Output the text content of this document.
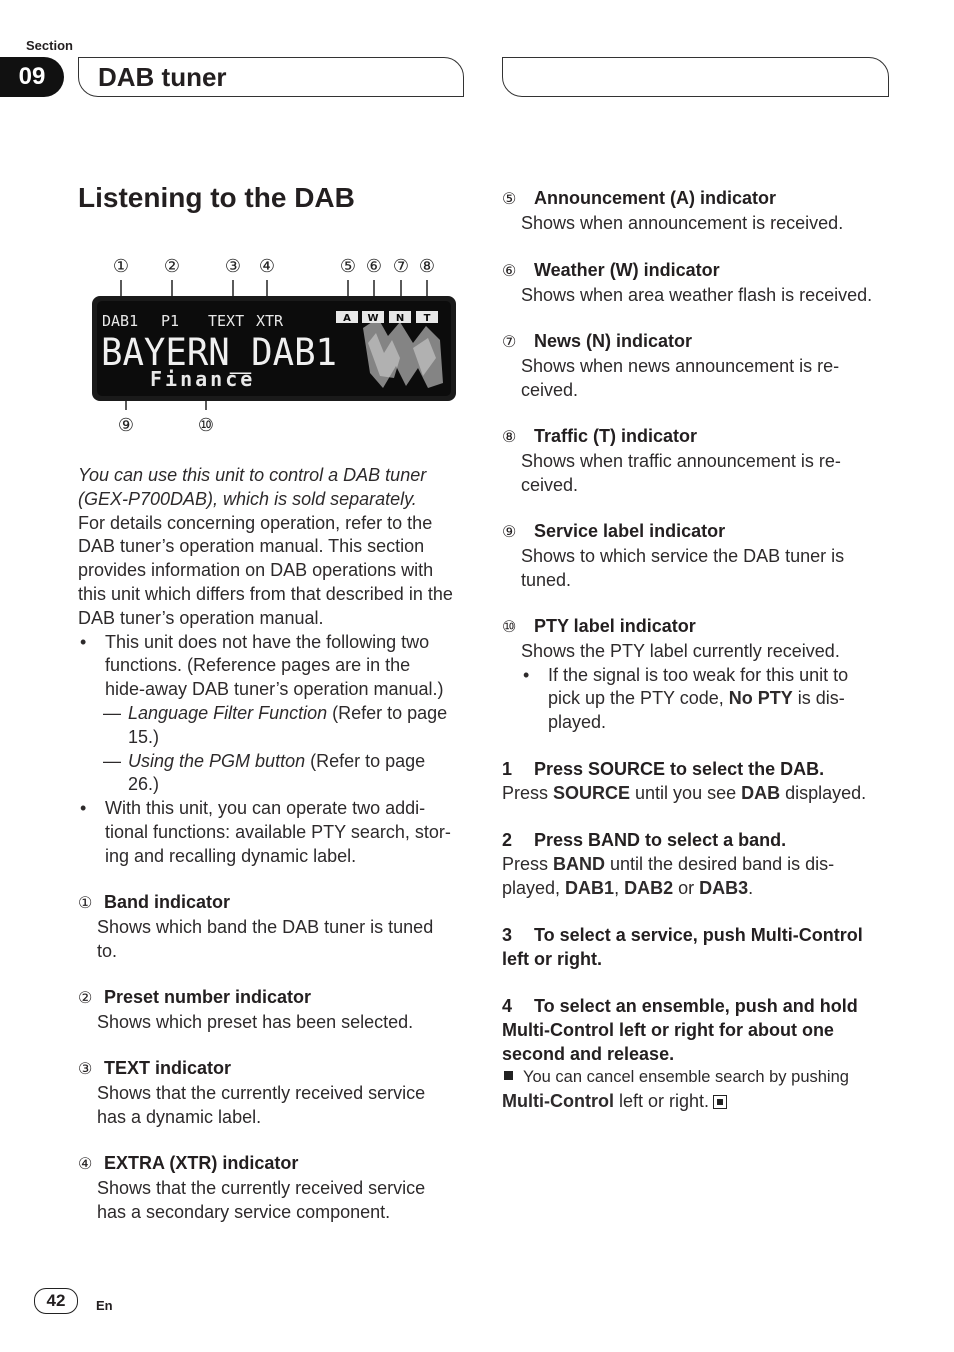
Section
09	DAB tuner
Listening to the DAB
① ② ③ ④	⑤ ⑥ ⑦ ⑧
⑨	⑩
DAB1 P1 TEXT XTR	A W N T
BAYERN_DAB1
Finance
You can use this unit to control a DAB tuner (GEX-P700DAB), which is sold separately.
For details concerning operation, refer to the DAB tuner’s operation manual. This section provides information on DAB operations with this unit which differs from that described in the DAB tuner’s operation manual.
•	This unit does not have the following two
functions. (Reference pages are in the
hide-away DAB tuner’s operation manual.)
— Language Filter Function (Refer to page
15.)
— Using the PGM button (Refer to page
26.)
•	With this unit, you can operate two addi-
tional functions: available PTY search, stor-
ing and recalling dynamic label.
① Band indicator
Shows which band the DAB tuner is tuned
to.
② Preset number indicator
Shows which preset has been selected.
③ TEXT indicator
Shows that the currently received service
has a dynamic label.
④ EXTRA (XTR) indicator
Shows that the currently received service
has a secondary service component.
⑤ Announcement (A) indicator
Shows when announcement is received.
⑥ Weather (W) indicator
Shows when area weather flash is received.
⑦ News (N) indicator
Shows when news announcement is re-
ceived.
⑧ Traffic (T) indicator
Shows when traffic announcement is re-
ceived.
⑨ Service label indicator
Shows to which service the DAB tuner is
tuned.
⑩ PTY label indicator
Shows the PTY label currently received.
•	If the signal is too weak for this unit to
pick up the PTY code, No PTY is dis-
played.
1 Press SOURCE to select the DAB.
Press SOURCE until you see DAB displayed.
2 Press BAND to select a band.
Press BAND until the desired band is dis-
played, DAB1, DAB2 or DAB3.
3 To select a service, push Multi-Control
left or right.
4 To select an ensemble, push and hold
Multi-Control left or right for about one
second and release.
You can cancel ensemble search by pushing
Multi-Control left or right.
42	En
